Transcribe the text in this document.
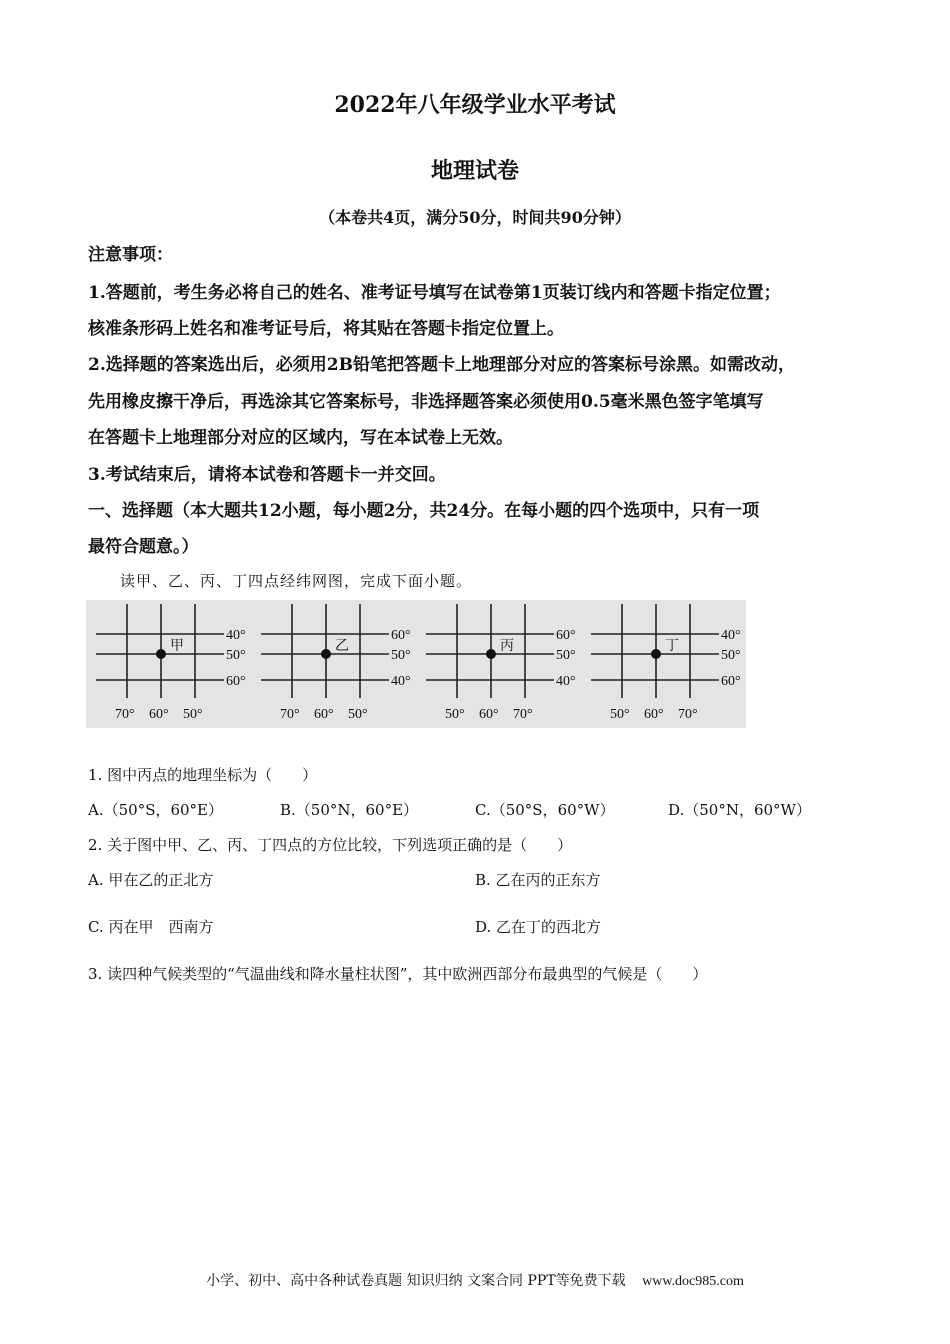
2022年八年级学业水平考试
地理试卷
（本卷共4页，满分50分，时间共90分钟）
注意事项：
1.答题前，考生务必将自己的姓名、准考证号填写在试卷第1页装订线内和答题卡指定位置；
核准条形码上姓名和准考证号后，将其贴在答题卡指定位置上。
2.选择题的答案选出后，必须用2B铅笔把答题卡上地理部分对应的答案标号涂黑。如需改动，
先用橡皮擦干净后，再选涂其它答案标号，非选择题答案必须使用0.5毫米黑色签字笔填写
在答题卡上地理部分对应的区域内，写在本试卷上无效。
3.考试结束后，请将本试卷和答题卡一并交回。
一、选择题（本大题共12小题，每小题2分，共24分。在每小题的四个选项中，只有一项
最符合题意。）
读甲、乙、丙、丁四点经纬网图，完成下面小题。
40°
50°
60°
70° 60° 50°
甲
60°
50°
40°
70° 60° 50°
乙
60°
50°
40°
50° 60° 70°
丙
40°
50°
60°
50° 60° 70°
丁
1. 图中丙点的地理坐标为（　　）
A.（50°S，60°E）	B.（50°N，60°E）	C.（50°S，60°W）	D.（50°N，60°W）
2. 关于图中甲、乙、丙、丁四点的方位比较，下列选项正确的是（　　）
A. 甲在乙的正北方	B. 乙在丙的正东方
C. 丙在甲　西南方	D. 乙在丁的西北方
3. 读四种气候类型的“气温曲线和降水量柱状图”，其中欧洲西部分布最典型的气候是（　　）
小学、初中、高中各种试卷真题 知识归纳 文案合同 PPT等免费下载 www.doc985.com
